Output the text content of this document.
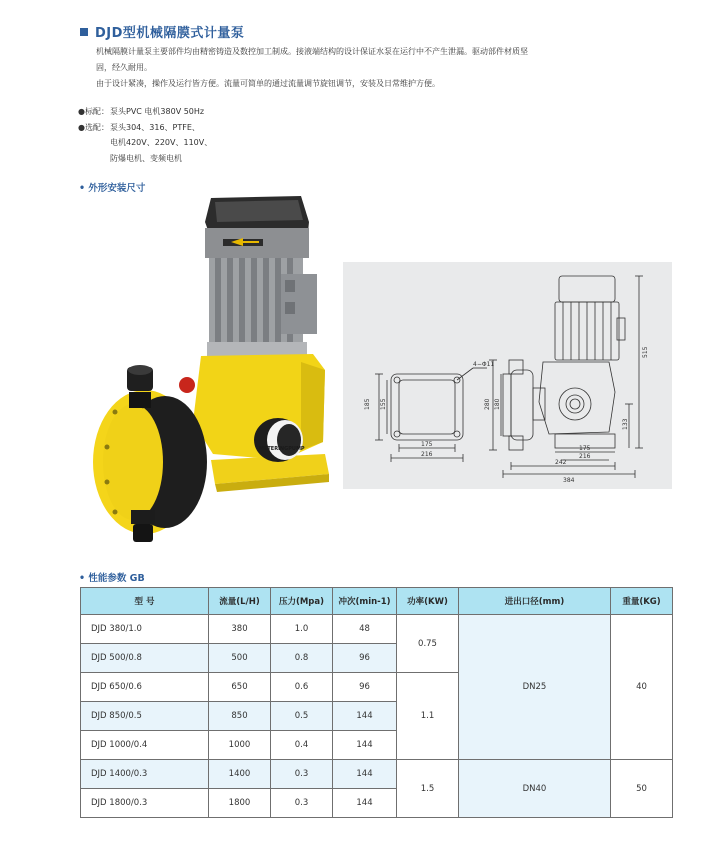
DJD型机械隔膜式计量泵

机械隔膜计量泵主要部件均由精密铸造及数控加工制成。接液端结构的设计保证水泵在运行中不产生泄漏。驱动部件材质坚

固，经久耐用。

由于设计紧凑，操作及运行皆方便。流量可简单的通过流量调节旋钮调节，安装及日常维护方便。

●标配： 泵头PVC 电机380V 50Hz
●选配： 泵头304、316、PTFE、
电机420V、220V、110V、
防爆电机、变频电机
• 外形安装尺寸
METERINGPUMP
4−Φ11
185 155
175
216
280 180
515
133
175
216
242
384
• 性能参数 GB
型 号	流量(L/H)	压力(Mpa)	冲次(min-1)	功率(KW)	进出口径(mm)	重量(KG)
DJD 380/1.0	380	1.0	48	0.75	DN25	40
DJD 500/0.8	500	0.8	96			
DJD 650/0.6	650	0.6	96	1.1		
DJD 850/0.5	850	0.5	144			
DJD 1000/0.4	1000	0.4	144			
DJD 1400/0.3	1400	0.3	144	1.5	DN40	50
DJD 1800/0.3	1800	0.3	144			
